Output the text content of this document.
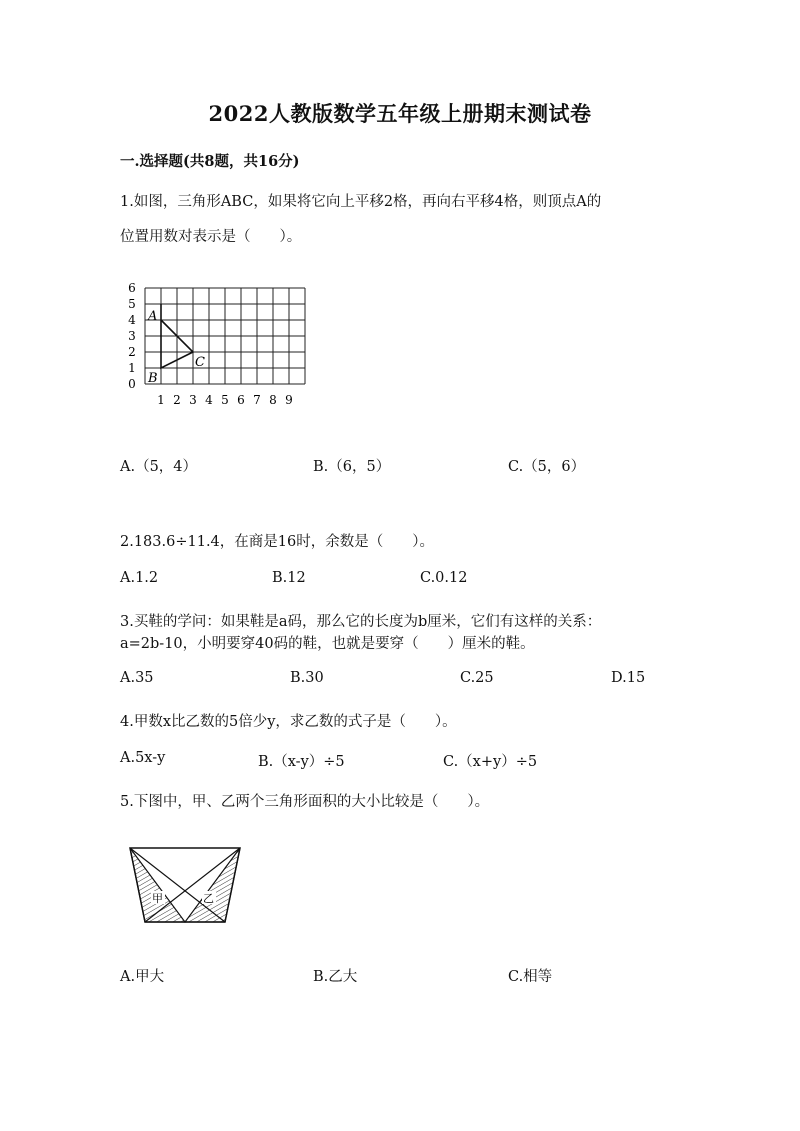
2022人教版数学五年级上册期末测试卷
一.选择题(共8题，共16分)
1.如图，三角形ABC，如果将它向上平移2格，再向右平移4格，则顶点A的
位置用数对表示是（　　）。
6
5
4
3
2
1
0
1 2 3 4 5 6 7 8 9
A
B
C
A.（5，4）	B.（6，5）	C.（5，6）
2.183.6÷11.4，在商是16时，余数是（　　）。
A.1.2	B.12	C.0.12
3.买鞋的学问：如果鞋是a码，那么它的长度为b厘米，它们有这样的关系：
a=2b-10，小明要穿40码的鞋，也就是要穿（　　）厘米的鞋。
A.35	B.30	C.25	D.15
4.甲数x比乙数的5倍少y，求乙数的式子是（　　）。
A.5x-y	B.（x-y）÷5	C.（x+y）÷5
5.下图中，甲、乙两个三角形面积的大小比较是（　　）。
甲	乙
A.甲大	B.乙大	C.相等
